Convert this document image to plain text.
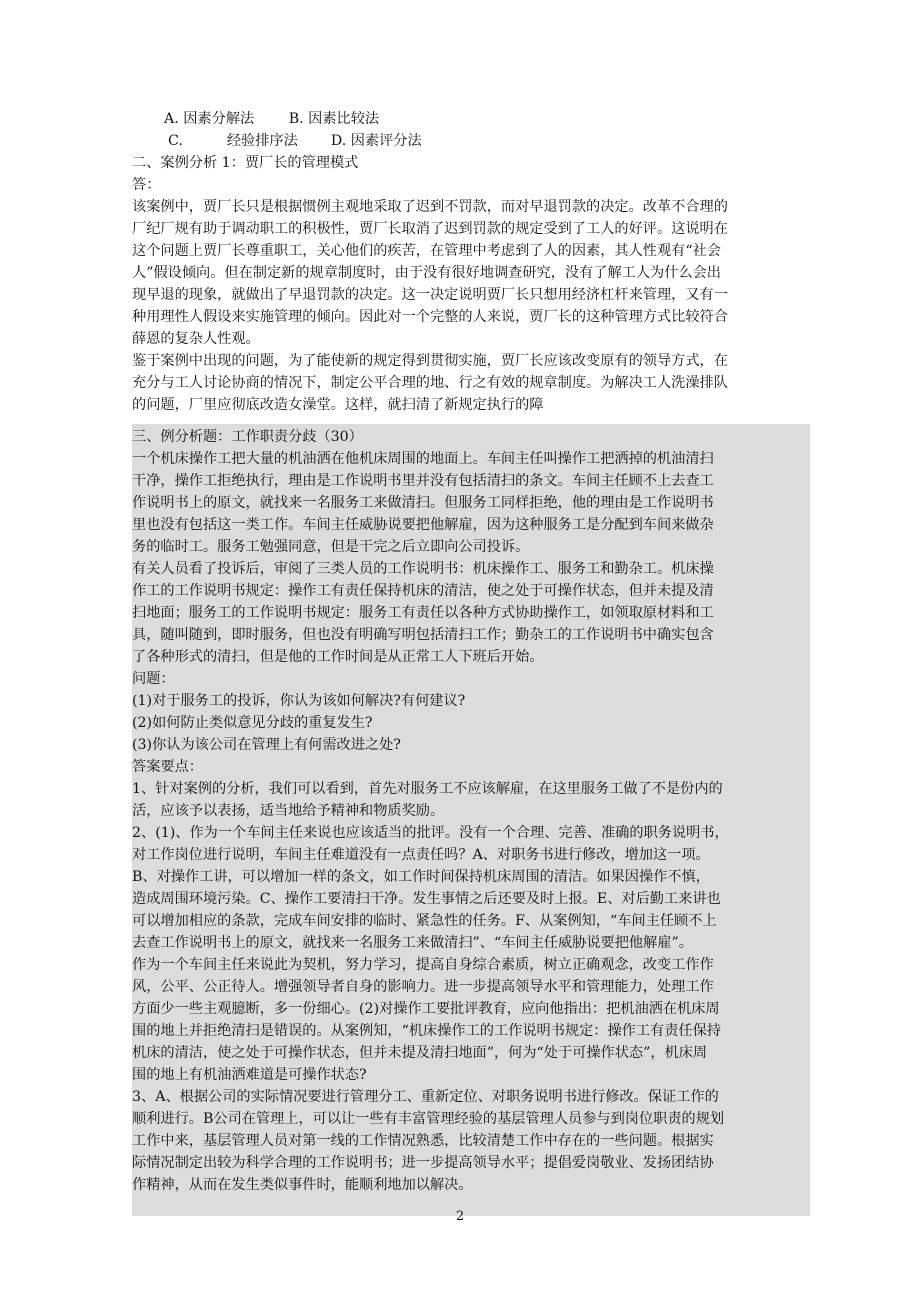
A. 因素分解法 B. 因素比较法
C.	经验排序法 D. 因素评分法
二、案例分析 1：贾厂长的管理模式
答：
该案例中，贾厂长只是根据惯例主观地采取了迟到不罚款，而对早退罚款的决定。改革不合理的
厂纪厂规有助于调动职工的积极性，贾厂长取消了迟到罚款的规定受到了工人的好评。这说明在
这个问题上贾厂长尊重职工，关心他们的疾苦，在管理中考虑到了人的因素，其人性观有“社会
人”假设倾向。但在制定新的规章制度时，由于没有很好地调查研究，没有了解工人为什么会出
现早退的现象，就做出了早退罚款的决定。这一决定说明贾厂长只想用经济杠杆来管理，又有一
种用理性人假设来实施管理的倾向。因此对一个完整的人来说，贾厂长的这种管理方式比较符合
薛恩的复杂人性观。
鉴于案例中出现的问题，为了能使新的规定得到贯彻实施，贾厂长应该改变原有的领导方式，在
充分与工人讨论协商的情况下，制定公平合理的地、行之有效的规章制度。为解决工人洗澡排队
的问题，厂里应彻底改造女澡堂。这样，就扫清了新规定执行的障
三、例分析题：工作职责分歧（30）
一个机床操作工把大量的机油洒在他机床周围的地面上。车间主任叫操作工把洒掉的机油清扫
干净，操作工拒绝执行，理由是工作说明书里并没有包括清扫的条文。车间主任顾不上去查工
作说明书上的原文，就找来一名服务工来做清扫。但服务工同样拒绝，他的理由是工作说明书
里也没有包括这一类工作。车间主任威胁说要把他解雇，因为这种服务工是分配到车间来做杂
务的临时工。服务工勉强同意，但是干完之后立即向公司投诉。
有关人员看了投诉后，审阅了三类人员的工作说明书：机床操作工、服务工和勤杂工。机床操
作工的工作说明书规定：操作工有责任保持机床的清洁，使之处于可操作状态，但并未提及清
扫地面；服务工的工作说明书规定：服务工有责任以各种方式协助操作工，如领取原材料和工
具，随叫随到，即时服务，但也没有明确写明包括清扫工作；勤杂工的工作说明书中确实包含
了各种形式的清扫，但是他的工作时间是从正常工人下班后开始。
问题：
(1)对于服务工的投诉，你认为该如何解决?有何建议?
(2)如何防止类似意见分歧的重复发生?
(3)你认为该公司在管理上有何需改进之处?
答案要点：
1、针对案例的分析，我们可以看到，首先对服务工不应该解雇，在这里服务工做了不是份内的
活，应该予以表扬，适当地给予精神和物质奖励。
2、(1)、作为一个车间主任来说也应该适当的批评。没有一个合理、完善、准确的职务说明书，
对工作岗位进行说明，车间主任难道没有一点责任吗？A、对职务书进行修改，增加这一项。
B、对操作工讲，可以增加一样的条文，如工作时间保持机床周围的清洁。如果因操作不慎，
造成周围环境污染。C、操作工要清扫干净。发生事情之后还要及时上报。E、对后勤工来讲也
可以增加相应的条款，完成车间安排的临时、紧急性的任务。F、从案例知，“车间主任顾不上
去查工作说明书上的原文，就找来一名服务工来做清扫”、“车间主任威胁说要把他解雇”。
作为一个车间主任来说此为契机，努力学习，提高自身综合素质，树立正确观念，改变工作作
风，公平、公正待人。增强领导者自身的影响力。进一步提高领导水平和管理能力，处理工作
方面少一些主观臆断，多一份细心。(2)对操作工要批评教育，应向他指出：把机油洒在机床周
围的地上并拒绝清扫是错误的。从案例知，“机床操作工的工作说明书规定：操作工有责任保持
机床的清洁，使之处于可操作状态，但并未提及清扫地面”，何为“处于可操作状态”，机床周
围的地上有机油洒难道是可操作状态?
3、A、根据公司的实际情况要进行管理分工、重新定位、对职务说明书进行修改。保证工作的
顺利进行。B公司在管理上，可以让一些有丰富管理经验的基层管理人员参与到岗位职责的规划
工作中来，基层管理人员对第一线的工作情况熟悉，比较清楚工作中存在的一些问题。根据实
际情况制定出较为科学合理的工作说明书；进一步提高领导水平；提倡爱岗敬业、发扬团结协
作精神，从而在发生类似事件时，能顺利地加以解决。
2
